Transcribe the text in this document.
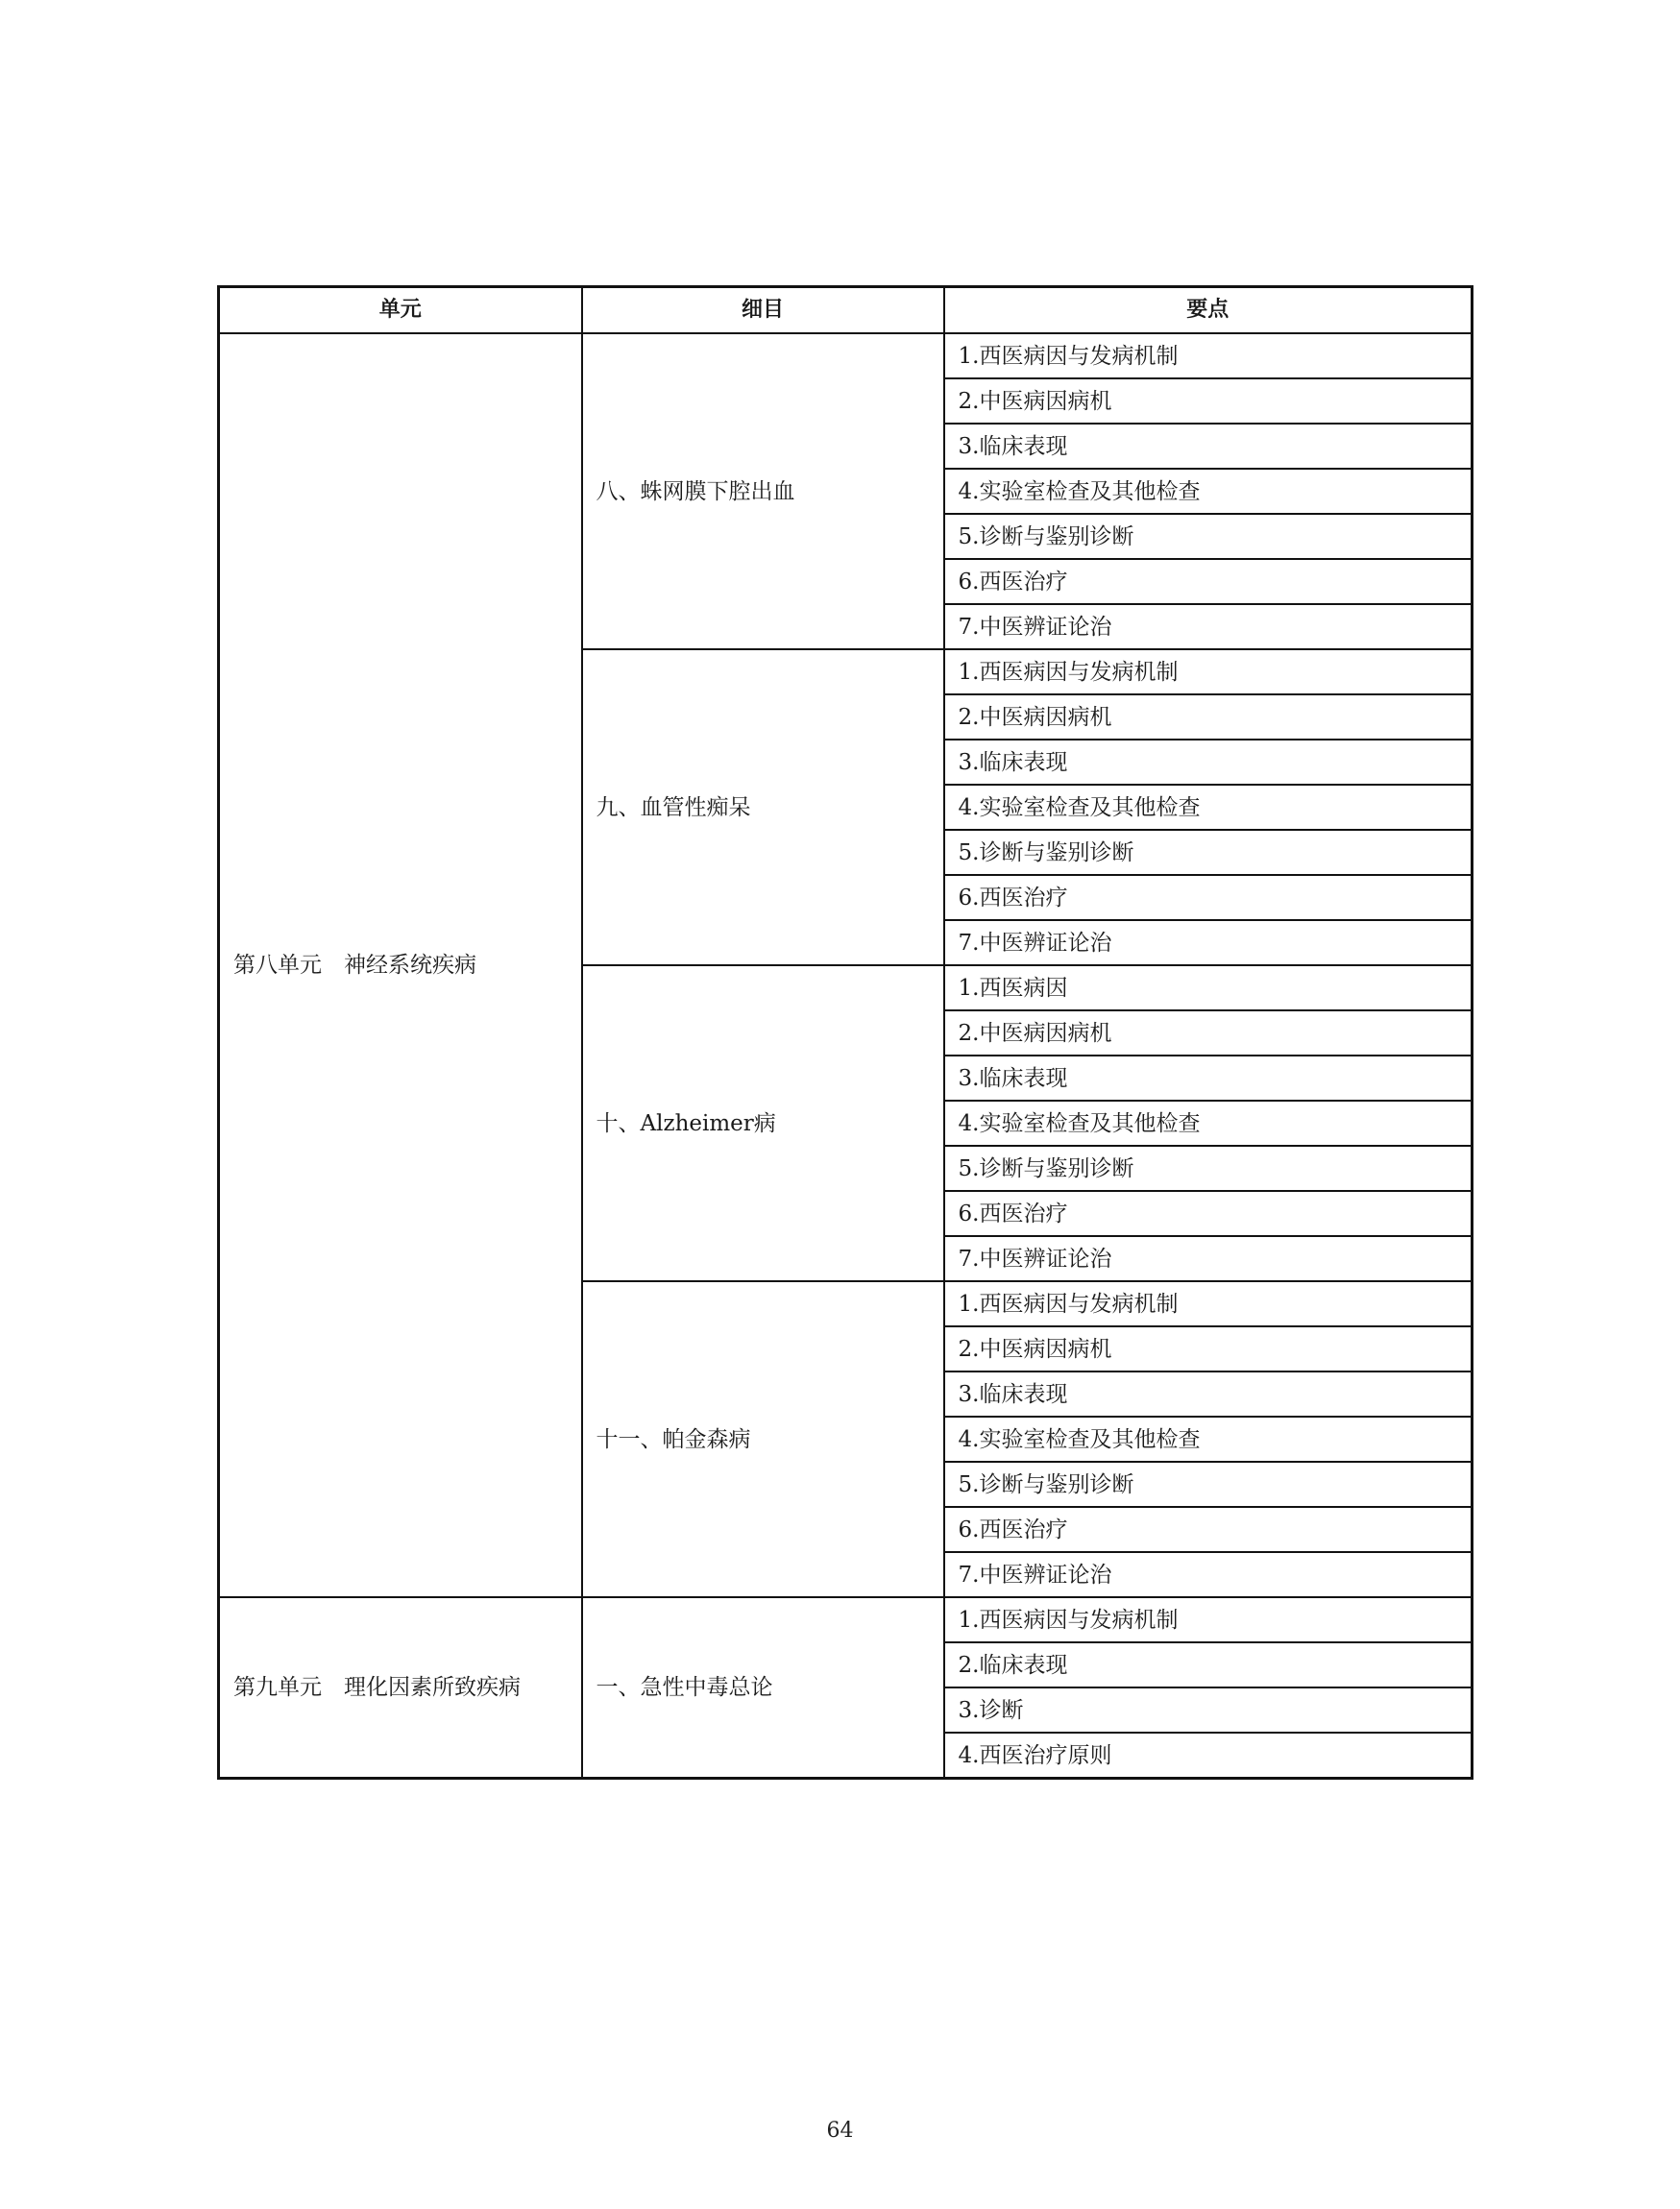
单元	细目	要点
第八单元　神经系统疾病	八、蛛网膜下腔出血	1.西医病因与发病机制
		2.中医病因病机
		3.临床表现
		4.实验室检查及其他检查
		5.诊断与鉴别诊断
		6.西医治疗
		7.中医辨证论治
	九、血管性痴呆	1.西医病因与发病机制
		2.中医病因病机
		3.临床表现
		4.实验室检查及其他检查
		5.诊断与鉴别诊断
		6.西医治疗
		7.中医辨证论治
	十、Alzheimer病	1.西医病因
		2.中医病因病机
		3.临床表现
		4.实验室检查及其他检查
		5.诊断与鉴别诊断
		6.西医治疗
		7.中医辨证论治
	十一、帕金森病	1.西医病因与发病机制
		2.中医病因病机
		3.临床表现
		4.实验室检查及其他检查
		5.诊断与鉴别诊断
		6.西医治疗
		7.中医辨证论治
第九单元　理化因素所致疾病	一、急性中毒总论	1.西医病因与发病机制
		2.临床表现
		3.诊断
		4.西医治疗原则
64
